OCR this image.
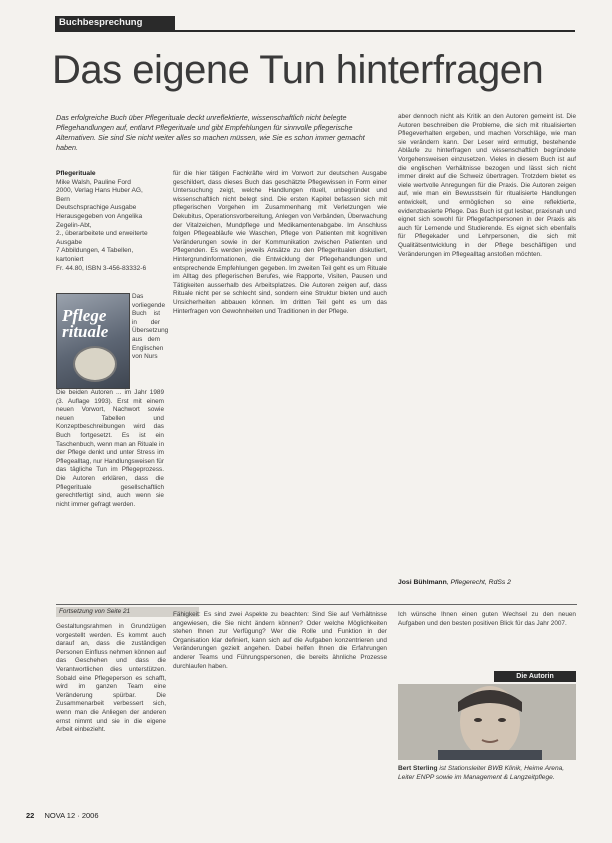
Buchbesprechung
Das eigene Tun hinterfragen
Das erfolgreiche Buch über Pflegerituale deckt unreflektierte, wissenschaftlich nicht belegte Pflegehandlungen auf, entlarvt Pflegerituale und gibt Empfehlungen für sinnvolle pflegerische Alternativen. Sie sind Sie nicht weiter alles so machen müssen, wie Sie es schon immer gemacht haben.
Pflegerituale
Mike Walsh, Pauline Ford
2000, Verlag Hans Huber AG, Bern
Deutschsprachige Ausgabe
Herausgegeben von Angelika Zegelin-Abt,
2., überarbeitete und erweiterte
Ausgabe
7 Abbildungen, 4 Tabellen, kartoniert
Fr. 44.80, ISBN 3-456-83332-6
Pflege
rituale

Das vorliegende Buch ist in der Übersetzung aus dem Englischen von Nurs

Die beiden Autoren ... im Jahr 1989 (3. Auflage 1993). Erst mit einem neuen Vorwort, Nachwort sowie neuen Tabellen und Konzeptbeschreibungen wird das Buch fortgesetzt. Es ist ein Taschenbuch, wenn man an Rituale in der Pflege denkt und unter Stress im Pflegealltag, nur Handlungsweisen für das tägliche Tun im Pflegeprozess. Die Autoren erklären, dass die Pflegerituale gesellschaftlich gerechtfertigt sind, auch wenn sie nicht immer gefragt werden.

für die hier tätigen Fachkräfte wird im Vorwort zur deutschen Ausgabe geschildert, dass dieses Buch das geschätzte Pflegewissen in Form einer Untersuchung zeigt, welche Handlungen rituell, unbegründet und wissenschaftlich nicht belegt sind. Die ersten Kapitel befassen sich mit pflegerischen Vorgehen im Zusammenhang mit Verletzungen wie Dekubitus, Operationsvorbereitung, Anlegen von Verbänden, Überwachung der Vitalzeichen, Mundpflege und Medikamentenabgabe. Im Anschluss folgen Pflegeabläufe wie Waschen, Pflege von Patienten mit kognitiven Veränderungen sowie in der Kommunikation zwischen Patienten und Pflegenden. Es werden jeweils Ansätze zu den Pflegeritualen diskutiert, Hintergrundinformationen, die Entwicklung der Pflegehandlungen und entsprechende Empfehlungen gegeben. Im zweiten Teil geht es um Rituale im Alltag des pflegerischen Berufes, wie Rapporte, Visiten, Pausen und Tätigkeiten ausserhalb des Arbeitsplatzes. Die Autoren zeigen auf, dass Rituale nicht per se schlecht sind, sondern eine Struktur bieten und auch Unsicherheiten abbauen können. Im dritten Teil geht es um das Hinterfragen von Gewohnheiten und Traditionen in der Pflege.

aber dennoch nicht als Kritik an den Autoren gemeint ist. Die Autoren beschreiben die Probleme, die sich mit ritualisierten Pflegeverhalten ergeben, und machen Vorschläge, wie man sie verändern kann. Der Leser wird ermutigt, bestehende Abläufe zu hinterfragen und wissenschaftlich begründete Vorgehensweisen einzusetzen. Vieles in diesem Buch ist auf die englischen Verhältnisse bezogen und lässt sich nicht immer direkt auf die Schweiz übertragen. Trotzdem bietet es viele wertvolle Anregungen für die Praxis. Die Autoren zeigen auf, wie man ein Bewusstsein für ritualisierte Handlungen entwickelt, und ermöglichen so eine reflektierte, evidenzbasierte Pflege. Das Buch ist gut lesbar, praxisnah und eignet sich sowohl für Pflegefachpersonen in der Praxis als auch für Lernende und Studierende. Es eignet sich ebenfalls für Pflegekader und Lehrpersonen, die sich mit Qualitätsentwicklung in der Pflege beschäftigen und Veränderungen im Pflegealltag anstoßen möchten.

Josi Bühlmann, Pflegerecht, RdSs 2
Fortsetzung von Seite 21

Gestaltungsrahmen in Grundzügen vorgestellt werden. Es kommt auch darauf an, dass die zuständigen Personen Einfluss nehmen können auf das Geschehen und dass die Verantwortlichen dies unterstützen. Sobald eine Pflegeperson es schafft, wird im ganzen Team eine Veränderung spürbar. Die Zusammenarbeit verbessert sich, wenn man die Anliegen der anderen ernst nimmt und sie in die eigene Arbeit einbezieht.

Fähigkeit: Es sind zwei Aspekte zu beachten: Sind Sie auf Verhältnisse angewiesen, die Sie nicht ändern können? Oder welche Möglichkeiten stehen Ihnen zur Verfügung? Wer die Rolle und Funktion in der Organisation klar definiert, kann sich auf die Aufgaben konzentrieren und Veränderungen gezielt angehen. Dabei helfen Ihnen die Erfahrungen anderer Teams und Führungspersonen, die bereits ähnliche Prozesse durchlaufen haben.

Ich wünsche Ihnen einen guten Wechsel zu den neuen Aufgaben und den besten positiven Blick für das Jahr 2007.

Die Autorin
Bert Sterling ist Stationsleiter BWB Klinik, Heime Arena, Leiter ENPP sowie im Management & Langzeitpflege.
22 NOVA 12 · 2006
